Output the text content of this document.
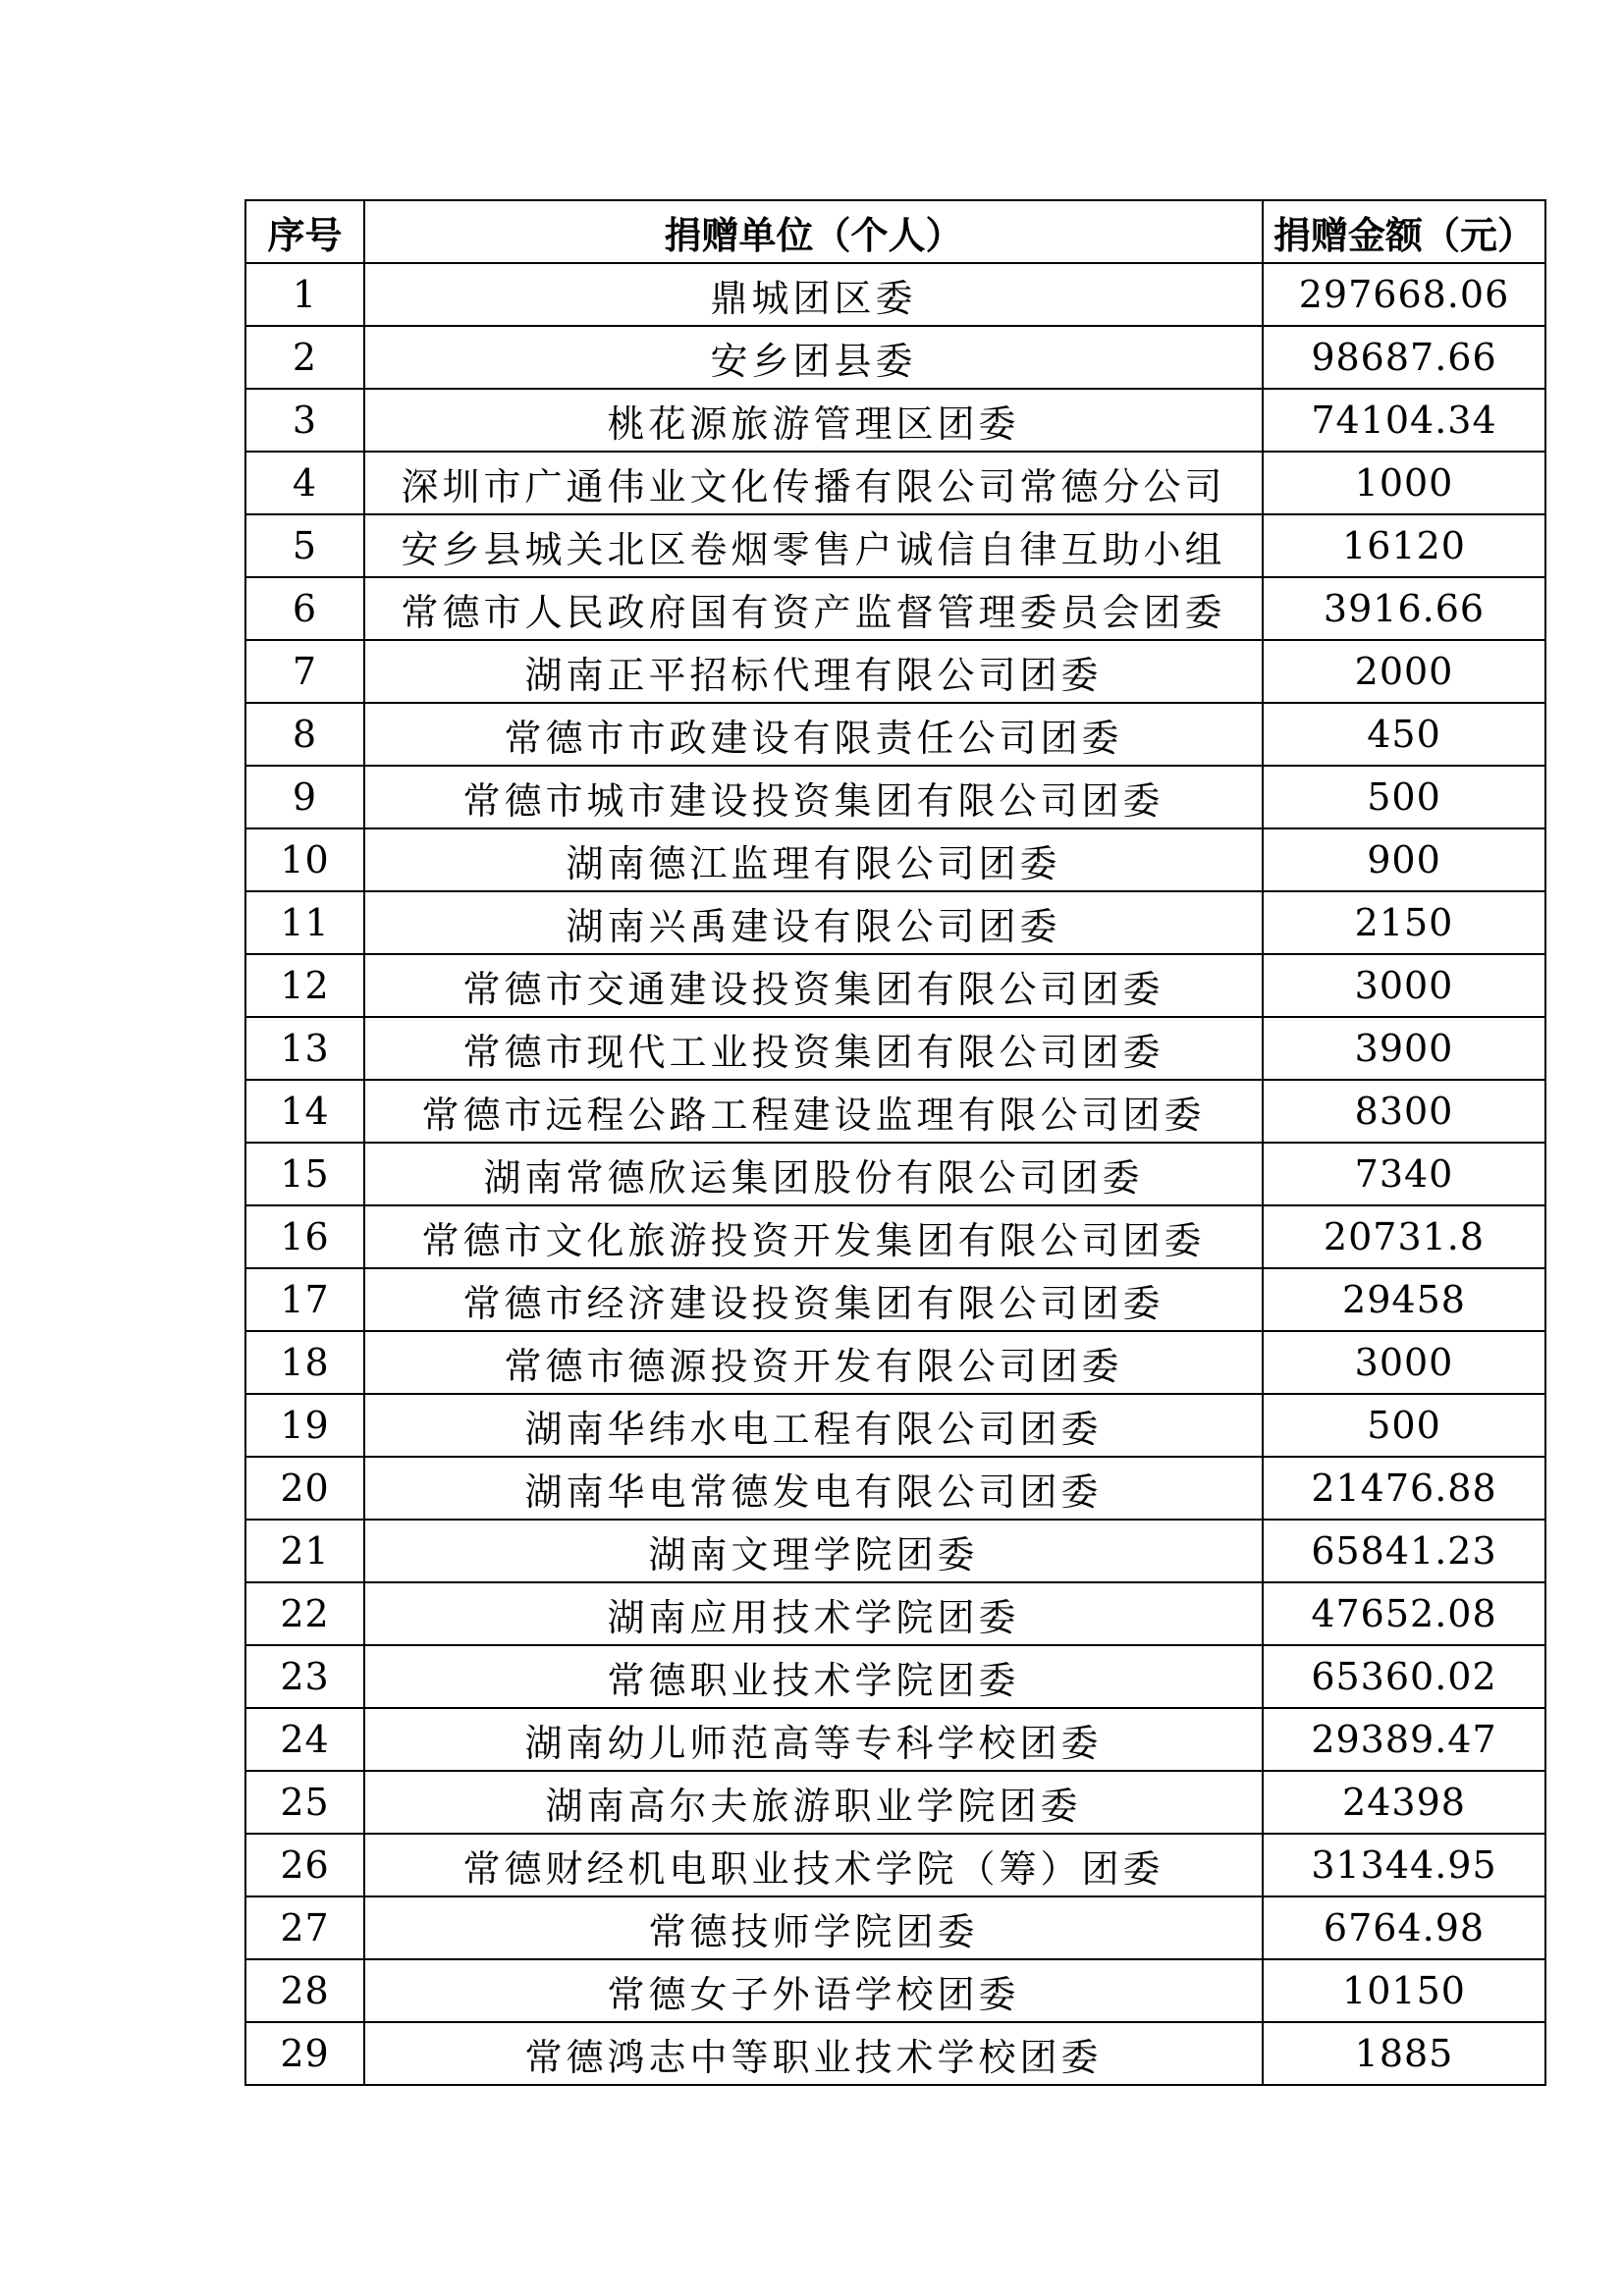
序号	捐赠单位（个人）	捐赠金额（元）
1	鼎城团区委	297668.06
2	安乡团县委	98687.66
3	桃花源旅游管理区团委	74104.34
4	深圳市广通伟业文化传播有限公司常德分公司	1000
5	安乡县城关北区卷烟零售户诚信自律互助小组	16120
6	常德市人民政府国有资产监督管理委员会团委	3916.66
7	湖南正平招标代理有限公司团委	2000
8	常德市市政建设有限责任公司团委	450
9	常德市城市建设投资集团有限公司团委	500
10	湖南德江监理有限公司团委	900
11	湖南兴禹建设有限公司团委	2150
12	常德市交通建设投资集团有限公司团委	3000
13	常德市现代工业投资集团有限公司团委	3900
14	常德市远程公路工程建设监理有限公司团委	8300
15	湖南常德欣运集团股份有限公司团委	7340
16	常德市文化旅游投资开发集团有限公司团委	20731.8
17	常德市经济建设投资集团有限公司团委	29458
18	常德市德源投资开发有限公司团委	3000
19	湖南华纬水电工程有限公司团委	500
20	湖南华电常德发电有限公司团委	21476.88
21	湖南文理学院团委	65841.23
22	湖南应用技术学院团委	47652.08
23	常德职业技术学院团委	65360.02
24	湖南幼儿师范高等专科学校团委	29389.47
25	湖南高尔夫旅游职业学院团委	24398
26	常德财经机电职业技术学院（筹）团委	31344.95
27	常德技师学院团委	6764.98
28	常德女子外语学校团委	10150
29	常德鸿志中等职业技术学校团委	1885
